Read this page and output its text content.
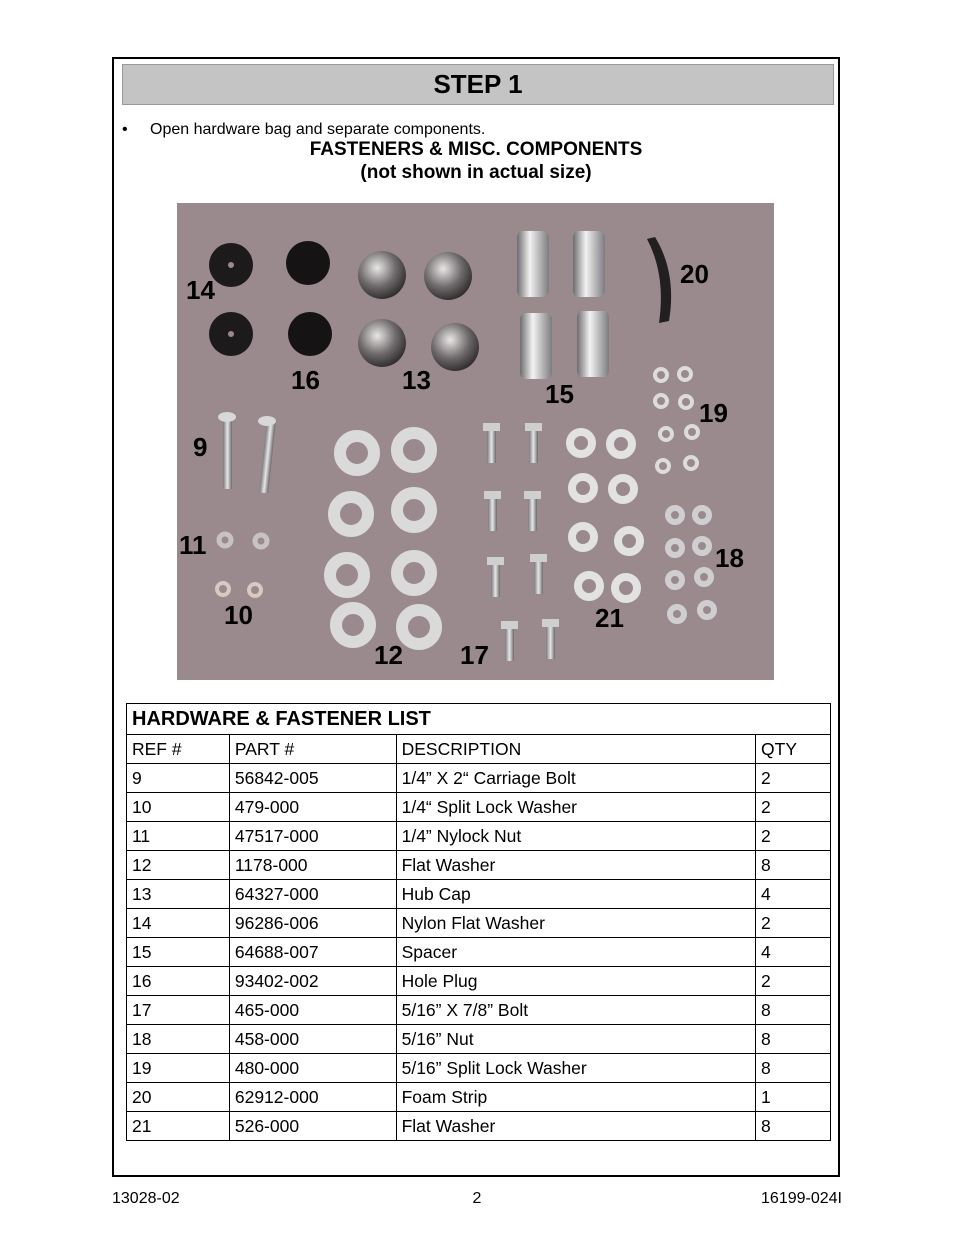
STEP 1
• Open hardware bag and separate components.
FASTENERS & MISC. COMPONENTS
(not shown in actual size)
14
16	13	15
20
19
9
11
10
12 17
21
18
HARDWARE & FASTENER LIST			
REF #	PART #	DESCRIPTION	QTY
9	56842-005	1/4” X 2“ Carriage Bolt	2
10	479-000	1/4“ Split Lock Washer	2
11	47517-000	1/4” Nylock Nut	2
12	1178-000	Flat Washer	8
13	64327-000	Hub Cap	4
14	96286-006	Nylon Flat Washer	2
15	64688-007	Spacer	4
16	93402-002	Hole Plug	2
17	465-000	5/16” X 7/8” Bolt	8
18	458-000	5/16” Nut	8
19	480-000	5/16” Split Lock Washer	8
20	62912-000	Foam Strip	1
21	526-000	Flat Washer	8
13028-02	2	16199-024I
